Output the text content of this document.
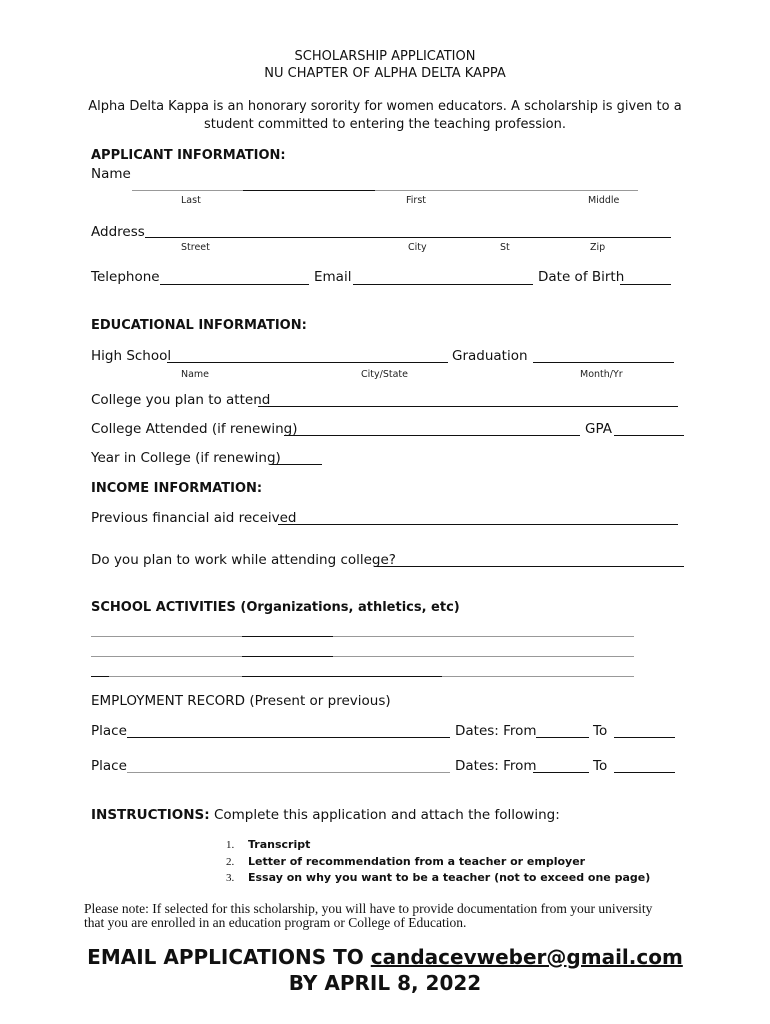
SCHOLARSHIP APPLICATION
NU CHAPTER OF ALPHA DELTA KAPPA
Alpha Delta Kappa is an honorary sorority for women educators. A scholarship is given to a
student committed to entering the teaching profession.
APPLICANT INFORMATION:
Name
Last	First	Middle
Address
Street	City	St	Zip
Telephone	Email	Date of Birth
EDUCATIONAL INFORMATION:
High School	Graduation
Name	City/State	Month/Yr
College you plan to attend
College Attended (if renewing)	GPA
Year in College (if renewing)
INCOME INFORMATION:
Previous financial aid received
Do you plan to work while attending college?
SCHOOL ACTIVITIES (Organizations, athletics, etc)
EMPLOYMENT RECORD (Present or previous)
Place	Dates: From	To
Place	Dates: From	To
INSTRUCTIONS: Complete this application and attach the following:
1. Transcript
2. Letter of recommendation from a teacher or employer
3. Essay on why you want to be a teacher (not to exceed one page)
Please note: If selected for this scholarship, you will have to provide documentation from your university
that you are enrolled in an education program or College of Education.
EMAIL APPLICATIONS TO candacevweber@gmail.com
BY APRIL 8, 2022
